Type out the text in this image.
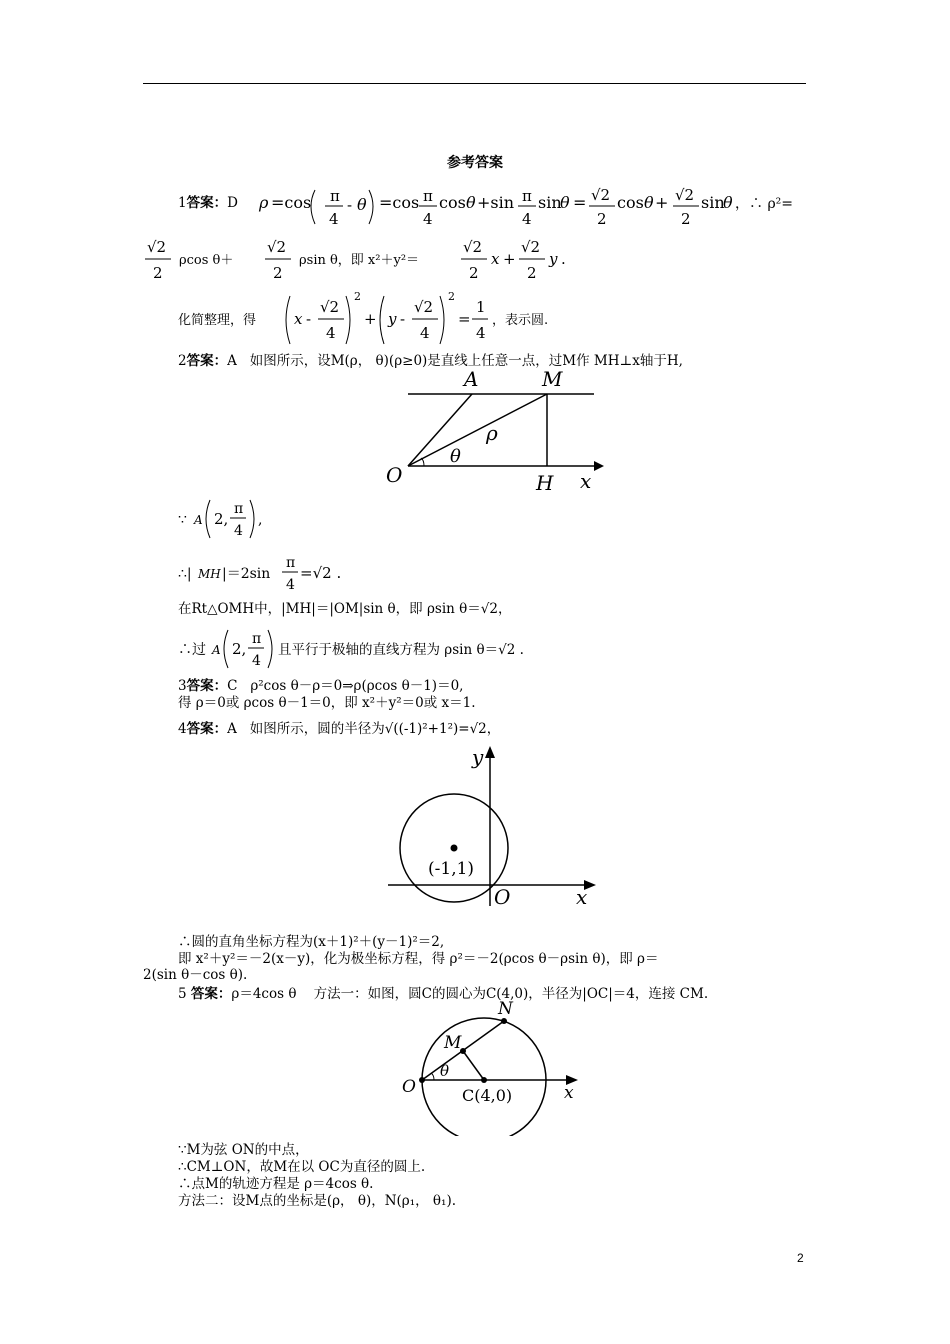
参考答案
1答案：D ρ =cos π
4
- θ =cos π
4
cos θ +sin π
4
sin
θ = √2
2
cos θ + √2
2
sin
θ ，∴ ρ²=
√2
2
ρcos θ＋
√2
2
ρsin θ，即 x²＋y²＝
√2
2
x +
√2
2
y .
化简整理，得	x -
√2
4
2
+ y -
√2
4
2
=
1
4
，表示圆.
2答案：A 如图所示，设M(ρ， θ)(ρ≥0)是直线上任意一点，过M作 MH⊥x轴于H,
A	M
O	H x
ρ
θ
∵ A 2,
π
4
,
∴| MH |＝2sin
π
4
=√2 .
在Rt△OMH中，|MH|＝|OM|sin θ，即 ρsin θ＝√2，
∴过 A 2,
π
4
且平行于极轴的直线方程为 ρsin θ＝√2 .
3答案：C ρ²cos θ－ρ＝0⇒ρ(ρcos θ－1)＝0,
得 ρ＝0或 ρcos θ－1＝0，即 x²＋y²＝0或 x＝1.
4答案：A 如图所示，圆的半径为√((-1)²+1²)=√2，
y
(-1,1)
O	x
∴圆的直角坐标方程为(x＋1)²＋(y－1)²＝2,
即 x²＋y²＝－2(x－y)，化为极坐标方程，得 ρ²＝－2(ρcos θ－ρsin θ)，即 ρ＝
2(sin θ－cos θ).
5 答案：ρ＝4cos θ 方法一：如图，圆C的圆心为C(4,0)，半径为|OC|＝4，连接 CM.
N
M
O
θ
C(4,0)	x
∵M为弦 ON的中点，
∴CM⊥ON，故M在以 OC为直径的圆上.
∴点M的轨迹方程是 ρ＝4cos θ.
方法二：设M点的坐标是(ρ， θ)，N(ρ₁， θ₁).
2
